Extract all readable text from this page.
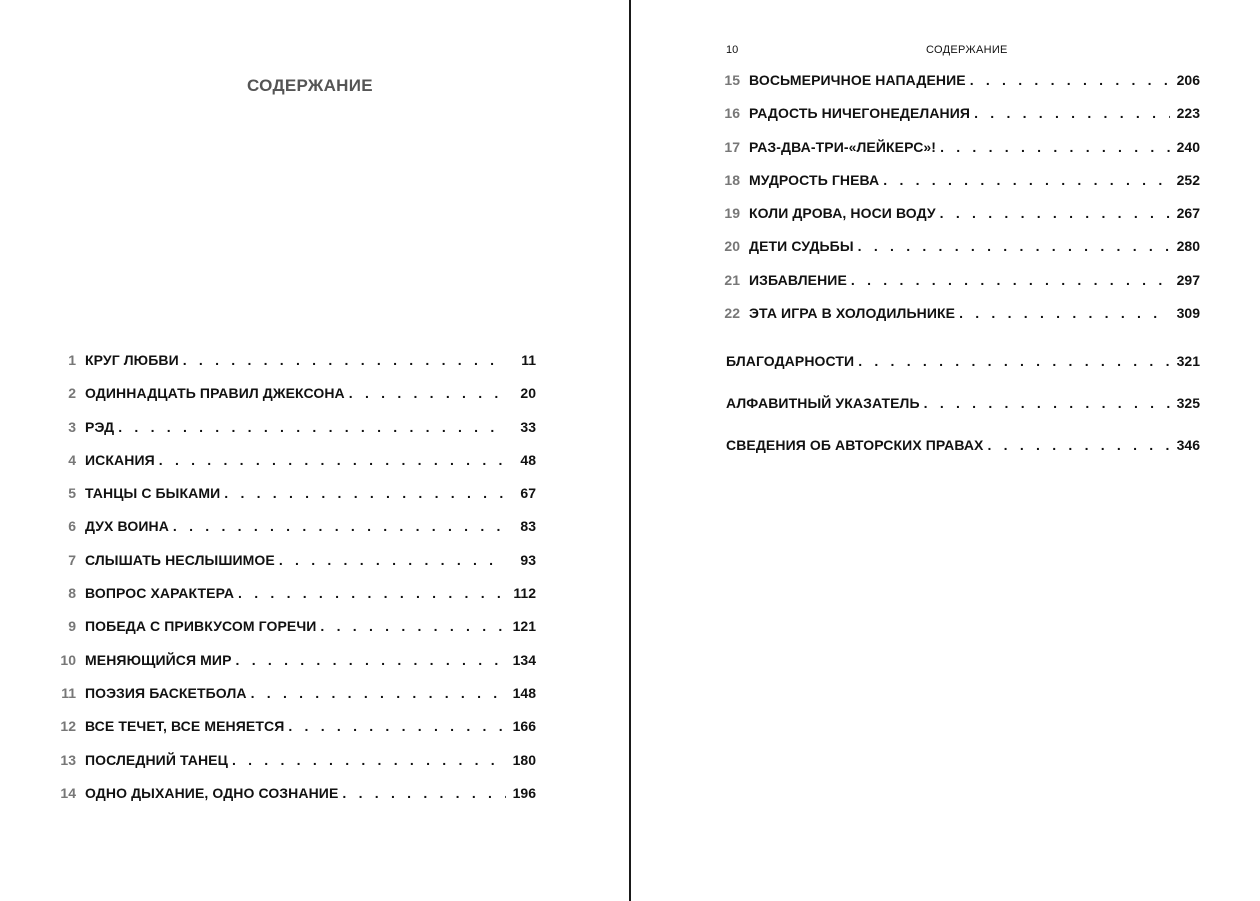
СОДЕРЖАНИЕ
1 КРУГ ЛЮБВИ . . .	11
2 ОДИННАДЦАТЬ ПРАВИЛ ДЖЕКСОНА . . .	20
3 РЭД . . .	33
4 ИСКАНИЯ . . .	48
5 ТАНЦЫ С БЫКАМИ . . .	67
6 ДУХ ВОИНА . . .	83
7 СЛЫШАТЬ НЕСЛЫШИМОЕ . . .	93
8 ВОПРОС ХАРАКТЕРА . . .	112
9 ПОБЕДА С ПРИВКУСОМ ГОРЕЧИ . . .	121
10 МЕНЯЮЩИЙСЯ МИР . . .	134
11 ПОЭЗИЯ БАСКЕТБОЛА . . .	148
12 ВСЕ ТЕЧЕТ, ВСЕ МЕНЯЕТСЯ . . .	166
13 ПОСЛЕДНИЙ ТАНЕЦ . . .	180
14 ОДНО ДЫХАНИЕ, ОДНО СОЗНАНИЕ . . .	196
10	СОДЕРЖАНИЕ
15 ВОСЬМЕРИЧНОЕ НАПАДЕНИЕ . . .	206
16 РАДОСТЬ НИЧЕГОНЕДЕЛАНИЯ . . .	223
17 РАЗ-ДВА-ТРИ-«ЛЕЙКЕРС»! . . .	240
18 МУДРОСТЬ ГНЕВА . . .	252
19 КОЛИ ДРОВА, НОСИ ВОДУ . . .	267
20 ДЕТИ СУДЬБЫ . . .	280
21 ИЗБАВЛЕНИЕ . . .	297
22 ЭТА ИГРА В ХОЛОДИЛЬНИКЕ . . .	309
БЛАГОДАРНОСТИ . . .	321
АЛФАВИТНЫЙ УКАЗАТЕЛЬ . . .	325
СВЕДЕНИЯ ОБ АВТОРСКИХ ПРАВАХ . . .	346
